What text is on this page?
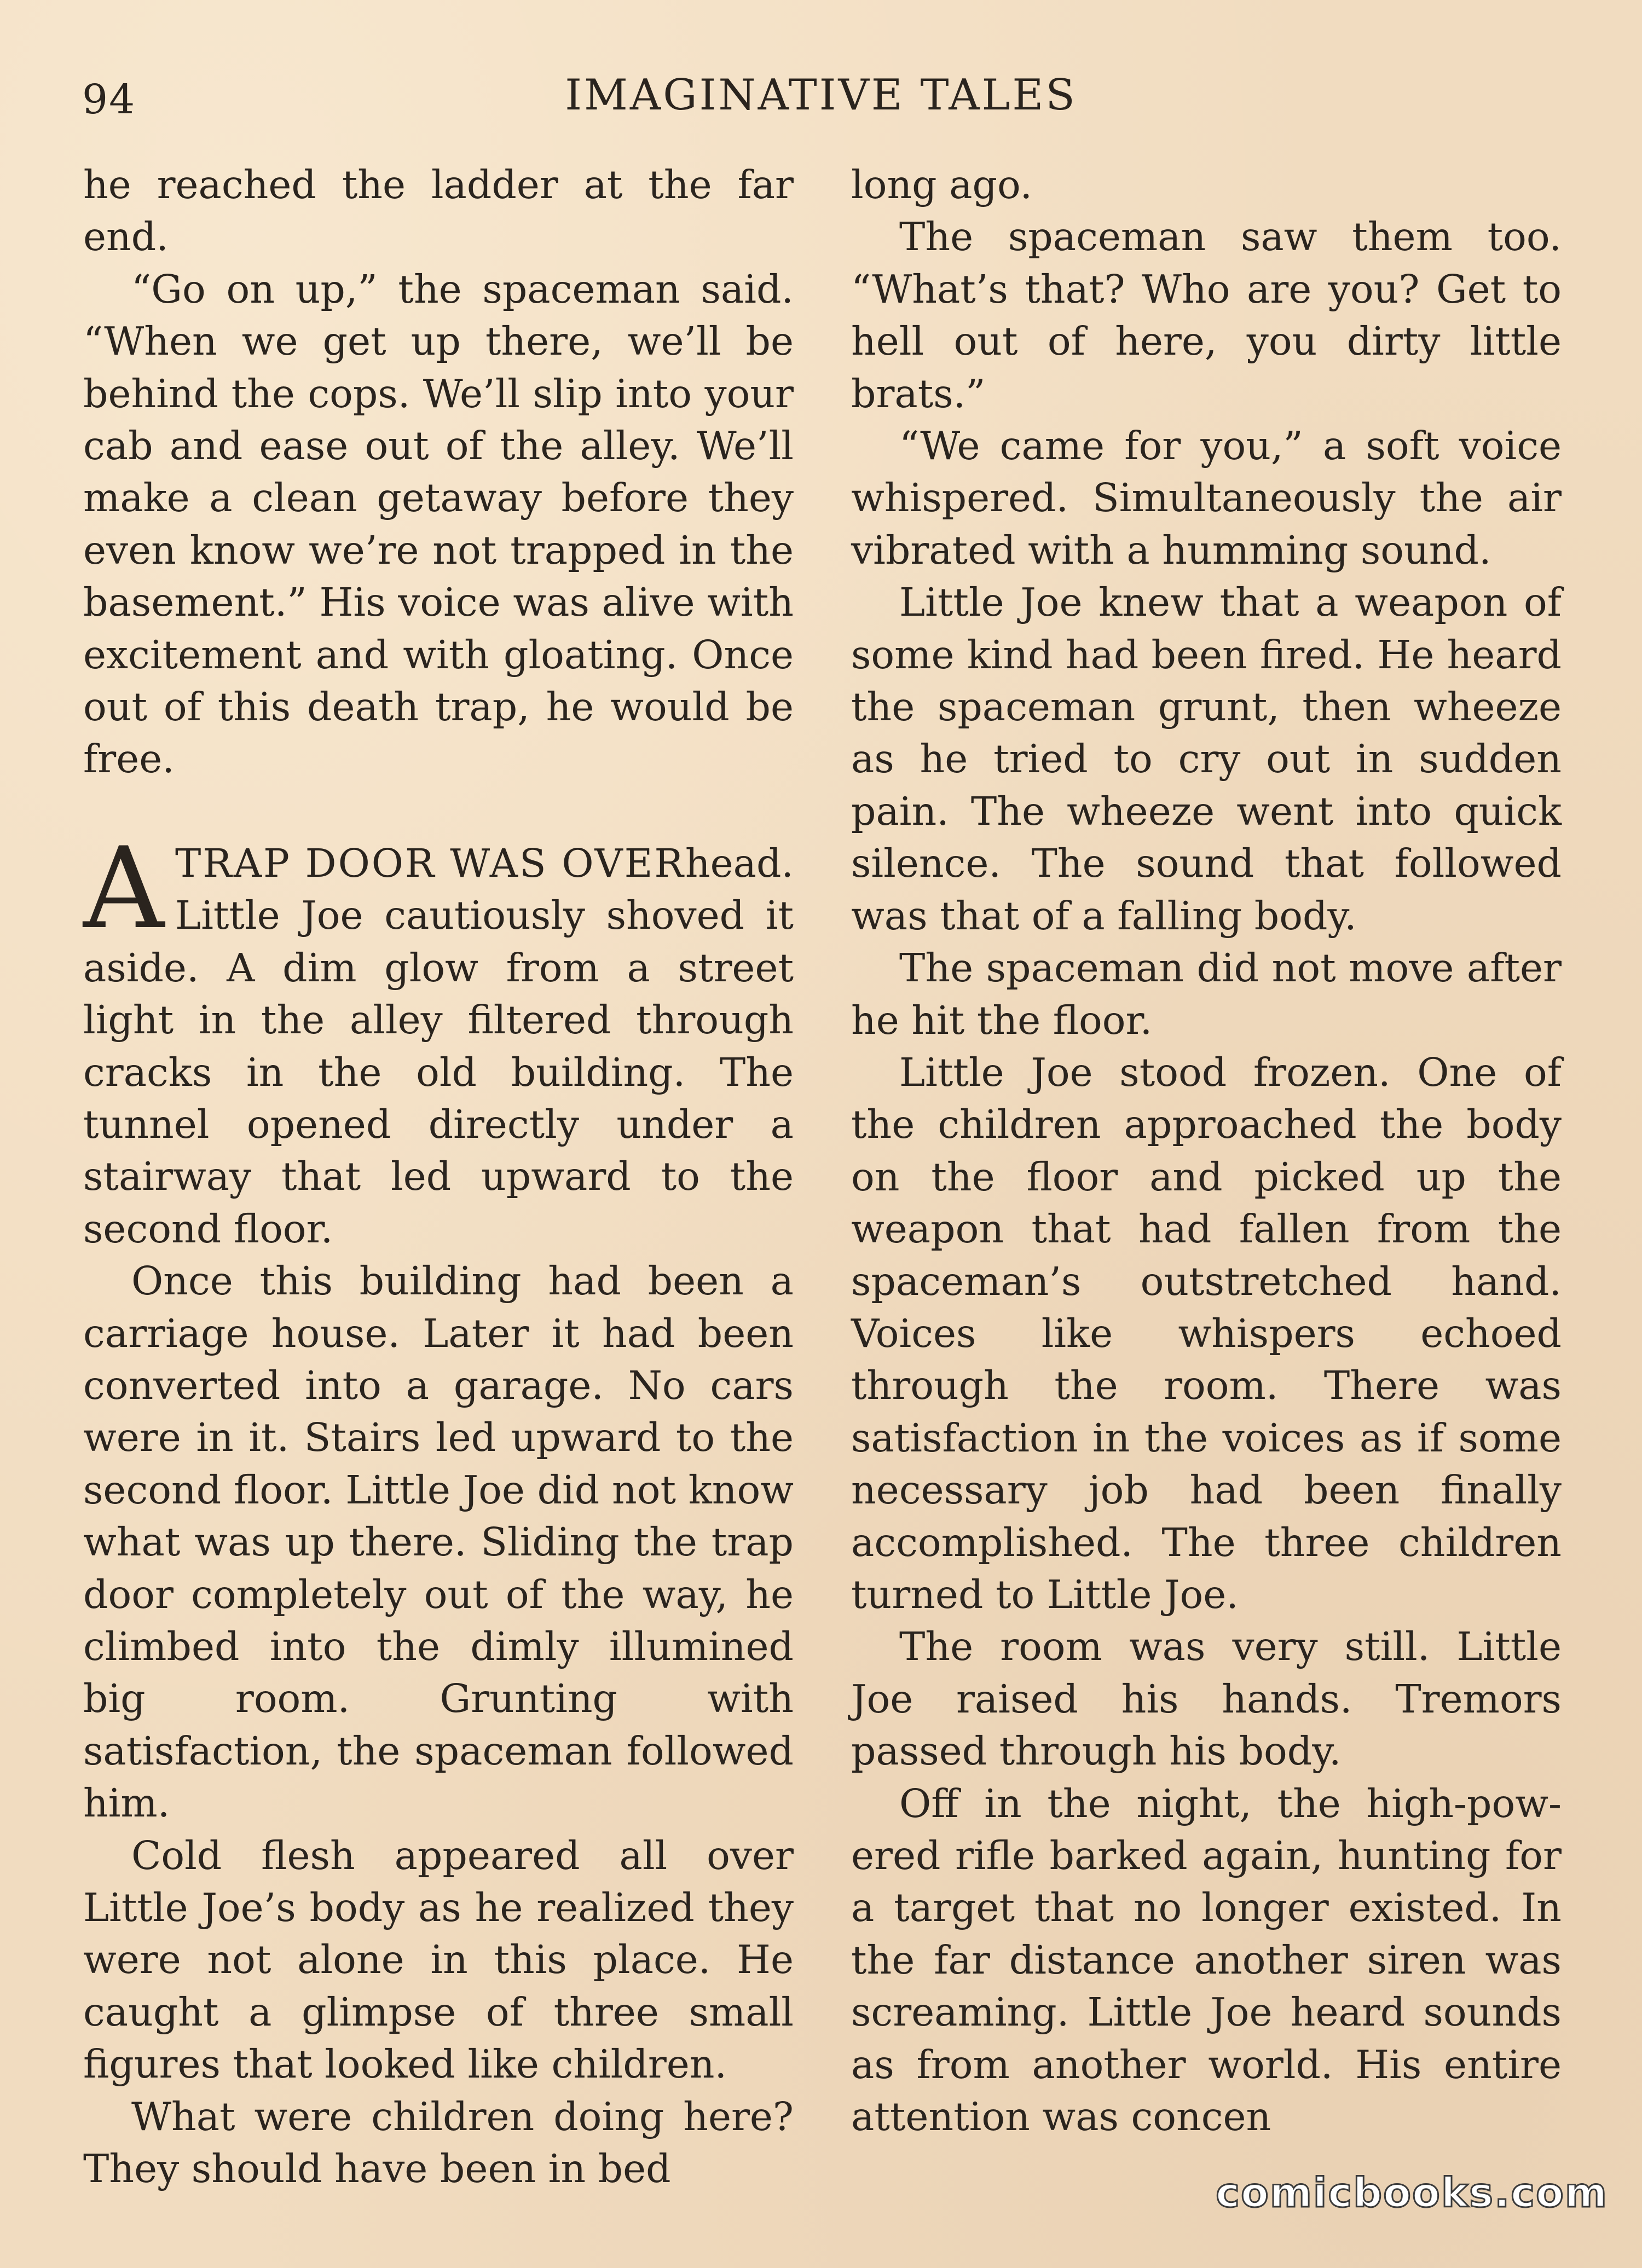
94	IMAGINATIVE TALES

he reached the ladder at the far end.

“Go on up,” the spaceman said. “When we get up there, we’ll be behind the cops. We’ll slip into your cab and ease out of the alley. We’ll make a clean getaway before they even know we’re not trapped in the basement.” His voice was alive with excitement and with gloating. Once out of this death trap, he would be free.

ATRAP DOOR WAS OVERhead. Little Joe cautiously shoved it aside. A dim glow from a street light in the alley filtered through cracks in the old building. The tunnel opened directly under a stairway that led upward to the second floor.

Once this building had been a carriage house. Later it had been converted into a garage. No cars were in it. Stairs led upward to the second floor. Little Joe did not know what was up there. Sliding the trap door completely out of the way, he climbed into the dimly illumined big room. Grunting with satisfaction, the spaceman followed him.

Cold flesh appeared all over Little Joe’s body as he realized they were not alone in this place. He caught a glimpse of three small figures that looked like children.

What were children doing here? They should have been in bed

long ago.

The spaceman saw them too. “What’s that? Who are you? Get to hell out of here, you dirty little brats.”

“We came for you,” a soft voice whispered. Simultaneously the air vibrated with a humming sound.

Little Joe knew that a weapon of some kind had been fired. He heard the spaceman grunt, then wheeze as he tried to cry out in sudden pain. The wheeze went into quick silence. The sound that followed was that of a falling body.

The spaceman did not move after he hit the floor.

Little Joe stood frozen. One of the children approached the body on the floor and picked up the weapon that had fallen from the spaceman’s outstretched hand. Voices like whispers echoed through the room. There was satisfaction in the voices as if some necessary job had been finally accomplished. The three children turned to Little Joe.

The room was very still. Little Joe raised his hands. Tremors passed through his body.

Off in the night, the high-powered rifle barked again, hunting for a target that no longer existed. In the far distance another siren was screaming. Little Joe heard sounds as from another world. His entire attention was concen

comicbooks.com
